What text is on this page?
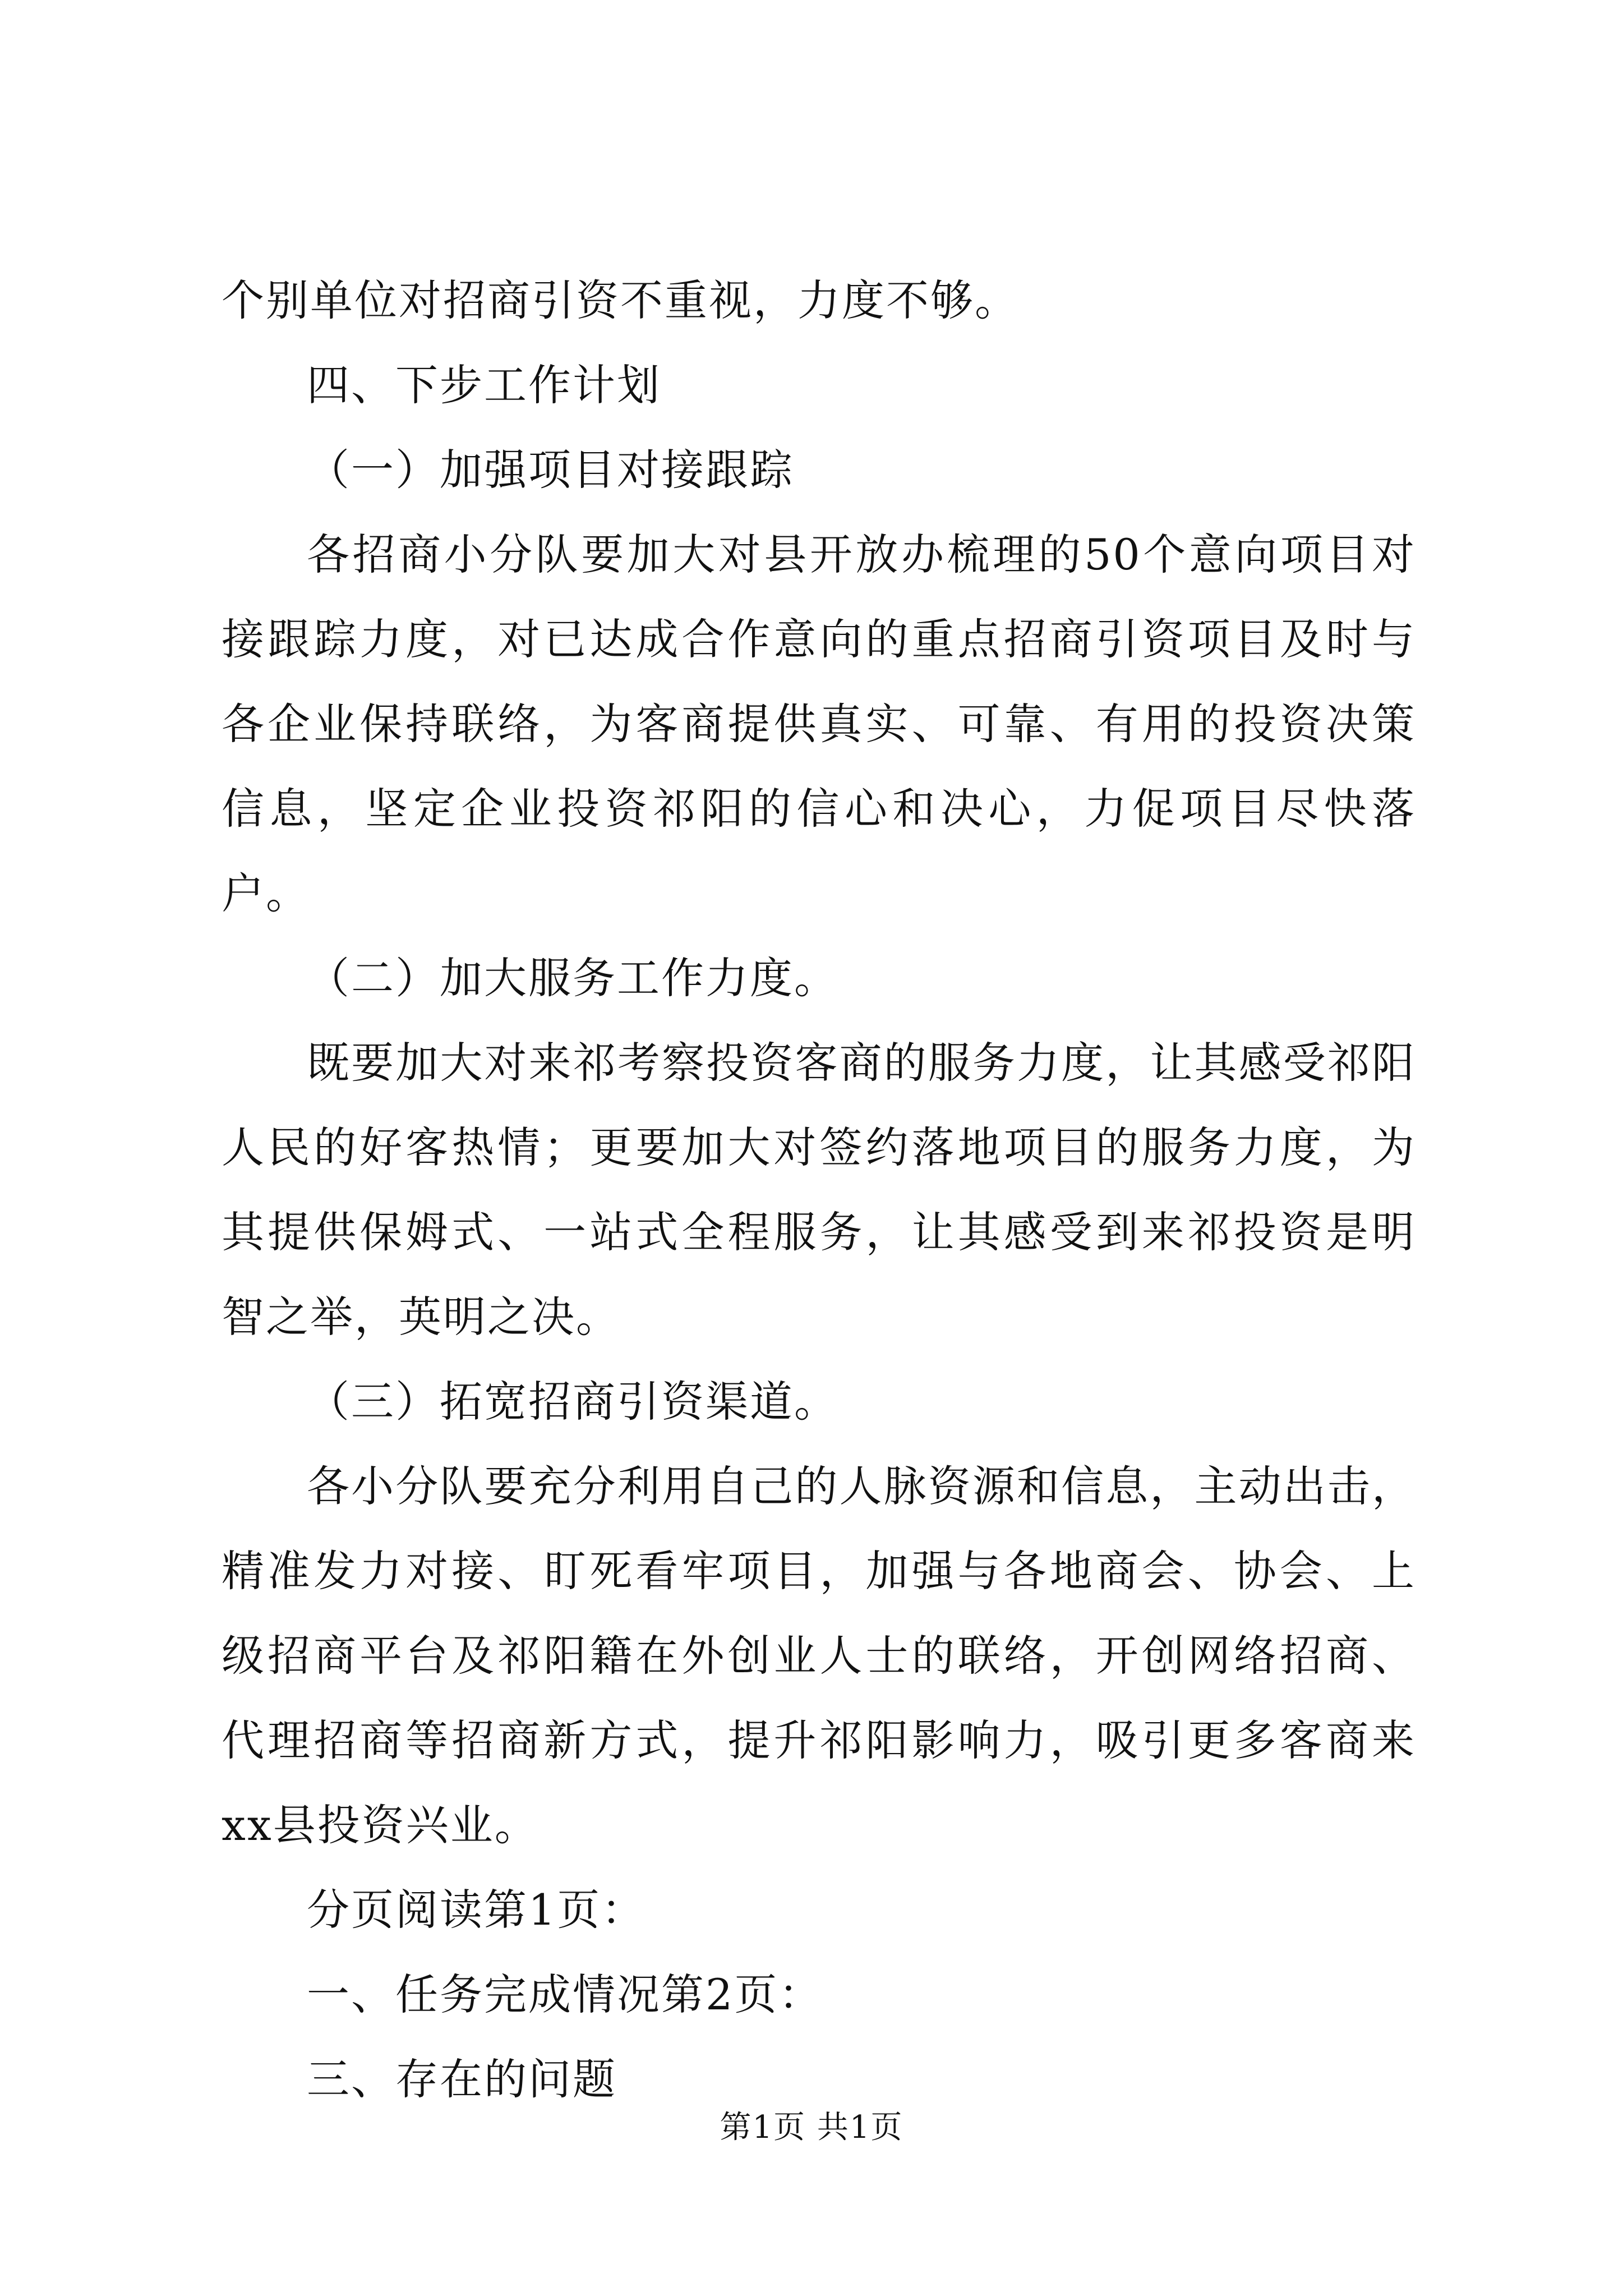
个别单位对招商引资不重视，力度不够。

四、下步工作计划

（一）加强项目对接跟踪

各招商小分队要加大对县开放办梳理的50个意向项目对接跟踪力度，对已达成合作意向的重点招商引资项目及时与各企业保持联络，为客商提供真实、可靠、有用的投资决策信息，坚定企业投资祁阳的信心和决心，力促项目尽快落户。

（二）加大服务工作力度。

既要加大对来祁考察投资客商的服务力度，让其感受祁阳人民的好客热情；更要加大对签约落地项目的服务力度，为其提供保姆式、一站式全程服务，让其感受到来祁投资是明智之举，英明之决。

（三）拓宽招商引资渠道。

各小分队要充分利用自己的人脉资源和信息，主动出击，精准发力对接、盯死看牢项目，加强与各地商会、协会、上级招商平台及祁阳籍在外创业人士的联络，开创网络招商、代理招商等招商新方式，提升祁阳影响力，吸引更多客商来xx县投资兴业。

分页阅读第1页：

一、任务完成情况第2页：

三、存在的问题

第1页 共1页
